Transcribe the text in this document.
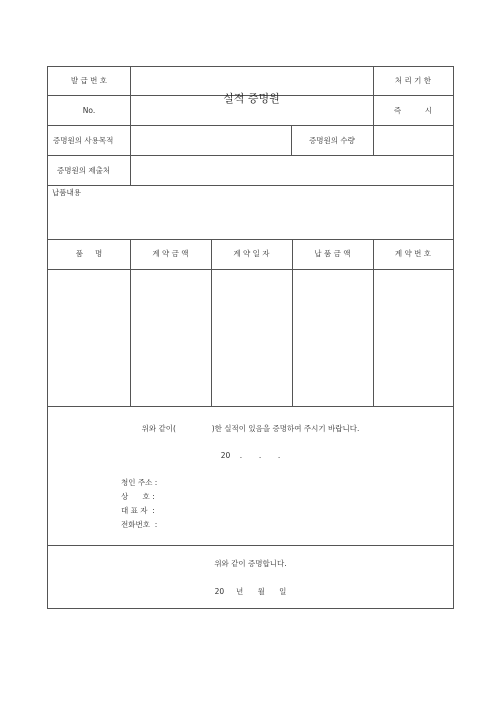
발 급 번 호
No.
실적 증명원
처 리 기 한
즉          시
증명원의 사용목적	증명원의 수량
증명원의 제출처
납품내용
품     명	계 약 금 액	계 약 일 자	납 품 금 액	계 약 번 호
위와 같이(               )한 실적이 있음을 증명하여 주시기 바랍니다.
20    .       .       .
청인 주소 :
상      호 :
대 표 자  :
전화번호  :
위와 같이 증명합니다.
20     년      월      일
